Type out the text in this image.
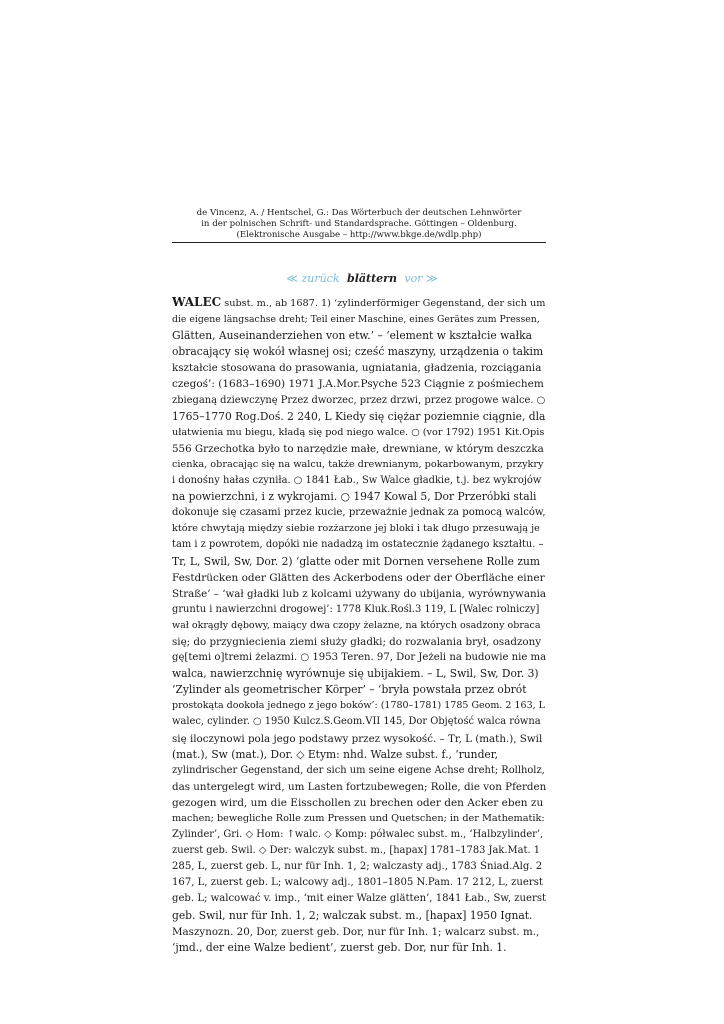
de Vincenz, A. / Hentschel, G.: Das Wörterbuch der deutschen Lehnwörter
in der polnischen Schrift- und Standardsprache. Göttingen – Oldenburg.
(Elektronische Ausgabe – http://www.bkge.de/wdlp.php)
≪ zurück blättern vor ≫
WALEC subst. m., ab 1687. 1) ‘zylinderförmiger Gegenstand, der sich um
die eigene längsachse dreht; Teil einer Maschine, eines Gerätes zum Pressen,
Glätten, Auseinanderziehen von etw.’ – ‘element w kształcie wałka
obracający się wokół własnej osi; cześć maszyny, urządzenia o takim
kształcie stosowana do prasowania, ugniatania, gładzenia, rozciągania
czegoś’: (1683–1690) 1971 J.A.Mor.Psyche 523 Ciągnie z pośmiechem
zbieganą dziewczynę Przez dworzec, przez drzwi, przez progowe walce. ○
1765–1770 Rog.Doś. 2 240, L Kiedy się ciężar poziemnie ciągnie, dla
ułatwienia mu biegu, kładą się pod niego walce. ○ (vor 1792) 1951 Kit.Opis
556 Grzechotka było to narzędzie małe, drewniane, w którym deszczka
cienka, obracając się na walcu, także drewnianym, pokarbowanym, przykry
i donośny hałas czyniła. ○ 1841 Łab., Sw Walce gładkie, t.j. bez wykrojów
na powierzchni, i z wykrojami. ○ 1947 Kowal 5, Dor Przeróbki stali
dokonuje się czasami przez kucie, przeważnie jednak za pomocą walców,
które chwytają między siebie rozżarzone jej bloki i tak długo przesuwają je
tam i z powrotem, dopóki nie nadadzą im ostatecznie żądanego kształtu. –
Tr, L, Swil, Sw, Dor. 2) ‘glatte oder mit Dornen versehene Rolle zum
Festdrücken oder Glätten des Ackerbodens oder der Oberfläche einer
Straße’ – ‘wał gładki lub z kolcami używany do ubijania, wyrównywania
gruntu i nawierzchni drogowej’: 1778 Kluk.Rośl.3 119, L [Walec rolniczy]
wał okrągły dębowy, maiący dwa czopy żelazne, na których osadzony obraca
się; do przygniecienia ziemi służy gładki; do rozwalania brył, osadzony
gę[temi o]tremi żelazmi. ○ 1953 Teren. 97, Dor Jeżeli na budowie nie ma
walca, nawierzchnię wyrównuje się ubijakiem. – L, Swil, Sw, Dor. 3)
‘Zylinder als geometrischer Körper’ – ‘bryła powstała przez obrót
prostokąta dookoła jednego z jego boków’: (1780–1781) 1785 Geom. 2 163, L
walec, cylinder. ○ 1950 Kulcz.S.Geom.VII 145, Dor Objętość walca równa
się iloczynowi pola jego podstawy przez wysokość. – Tr, L (math.), Swil
(mat.), Sw (mat.), Dor. ◇ Etym: nhd. Walze subst. f., ‘runder,
zylindrischer Gegenstand, der sich um seine eigene Achse dreht; Rollholz,
das untergelegt wird, um Lasten fortzubewegen; Rolle, die von Pferden
gezogen wird, um die Eisschollen zu brechen oder den Acker eben zu
machen; bewegliche Rolle zum Pressen und Quetschen; in der Mathematik:
Zylinder’, Gri. ◇ Hom: ↑walc. ◇ Komp: półwalec subst. m., ‘Halbzylinder’,
zuerst geb. Swil. ◇ Der: walczyk subst. m., [hapax] 1781–1783 Jak.Mat. 1
285, L, zuerst geb. L, nur für Inh. 1, 2; walczasty adj., 1783 Śniad.Alg. 2
167, L, zuerst geb. L; walcowy adj., 1801–1805 N.Pam. 17 212, L, zuerst
geb. L; walcować v. imp., ‘mit einer Walze glätten’, 1841 Łab., Sw, zuerst
geb. Swil, nur für Inh. 1, 2; walczak subst. m., [hapax] 1950 Ignat.
Maszynozn. 20, Dor, zuerst geb. Dor, nur für Inh. 1; walcarz subst. m.,
‘jmd., der eine Walze bedient’, zuerst geb. Dor, nur für Inh. 1.
